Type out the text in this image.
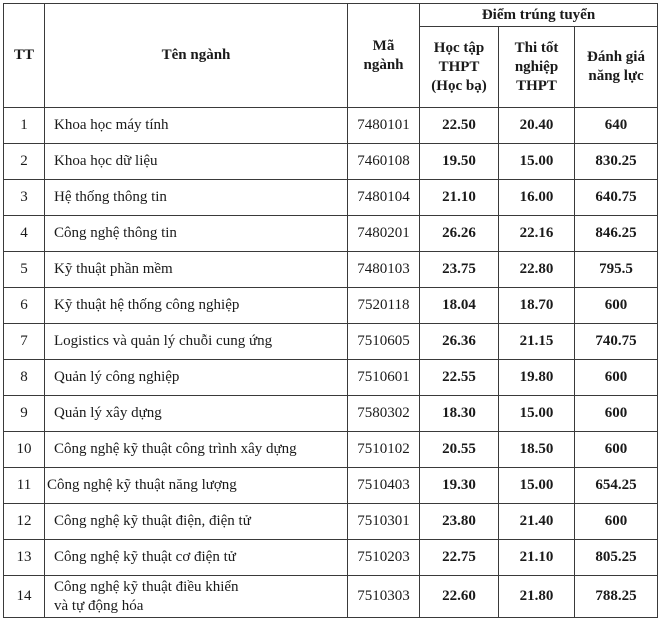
TT	Tên ngành	Mã ngành	Điểm trúng tuyển		
			Học tập THPT (Học bạ)	Thi tốt nghiệp THPT	Đánh giá năng lực
1	Khoa học máy tính	7480101	22.50	20.40	640
2	Khoa học dữ liệu	7460108	19.50	15.00	830.25
3	Hệ thống thông tin	7480104	21.10	16.00	640.75
4	Công nghệ thông tin	7480201	26.26	22.16	846.25
5	Kỹ thuật phần mềm	7480103	23.75	22.80	795.5
6	Kỹ thuật hệ thống công nghiệp	7520118	18.04	18.70	600
7	Logistics và quản lý chuỗi cung ứng	7510605	26.36	21.15	740.75
8	Quản lý công nghiệp	7510601	22.55	19.80	600
9	Quản lý xây dựng	7580302	18.30	15.00	600
10	Công nghệ kỹ thuật công trình xây dựng	7510102	20.55	18.50	600
11	Công nghệ kỹ thuật năng lượng	7510403	19.30	15.00	654.25
12	Công nghệ kỹ thuật điện, điện tử	7510301	23.80	21.40	600
13	Công nghệ kỹ thuật cơ điện tử	7510203	22.75	21.10	805.25
14	Công nghệ kỹ thuật điều khiển
và tự động hóa	7510303	22.60	21.80	788.25
